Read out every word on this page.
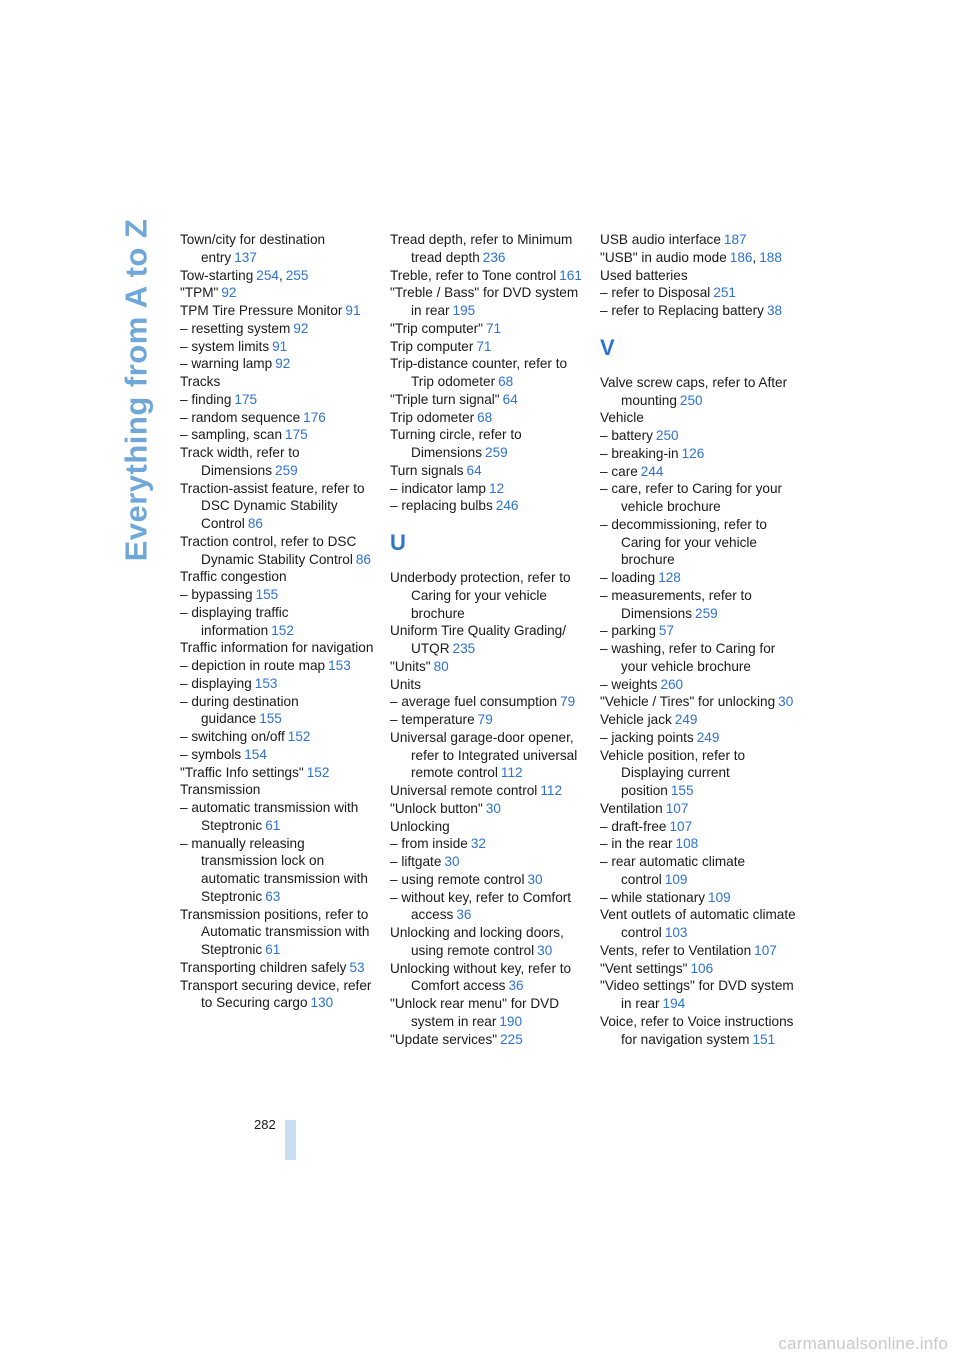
Everything from A to Z Town/city for destination entry 137
Tow-starting 254, 255
"TPM" 92
TPM Tire Pressure Monitor 91
– resetting system 92
– system limits 91
– warning lamp 92
Tracks
– finding 175
– random sequence 176
– sampling, scan 175
Track width, refer to Dimensions 259
Traction-assist feature, refer to DSC Dynamic Stability Control 86
Traction control, refer to DSC Dynamic Stability Control 86
Traffic congestion
– bypassing 155
– displaying traffic information 152
Traffic information for navigation
– depiction in route map 153
– displaying 153
– during destination guidance 155
– switching on/off 152
– symbols 154
"Traffic Info settings" 152
Transmission
– automatic transmission with Steptronic 61
– manually releasing transmission lock on automatic transmission with Steptronic 63
Transmission positions, refer to Automatic transmission with Steptronic 61
Transporting children safely 53
Transport securing device, refer to Securing cargo 130
Tread depth, refer to Minimum tread depth 236
Treble, refer to Tone control 161
"Treble / Bass" for DVD system in rear 195
"Trip computer" 71
Trip computer 71
Trip-distance counter, refer to Trip odometer 68
"Triple turn signal" 64
Trip odometer 68
Turning circle, refer to Dimensions 259
Turn signals 64
– indicator lamp 12
– replacing bulbs 246
U
Underbody protection, refer to Caring for your vehicle brochure
Uniform Tire Quality Grading/ UTQR 235
"Units" 80
Units
– average fuel consumption 79
– temperature 79
Universal garage-door opener, refer to Integrated universal remote control 112
Universal remote control 112
"Unlock button" 30
Unlocking
– from inside 32
– liftgate 30
– using remote control 30
– without key, refer to Comfort access 36
Unlocking and locking doors, using remote control 30
Unlocking without key, refer to Comfort access 36
"Unlock rear menu" for DVD system in rear 190
"Update services" 225
USB audio interface 187
"USB" in audio mode 186, 188
Used batteries
– refer to Disposal 251
– refer to Replacing battery 38
V
Valve screw caps, refer to After mounting 250
Vehicle
– battery 250
– breaking-in 126
– care 244
– care, refer to Caring for your vehicle brochure
– decommissioning, refer to Caring for your vehicle brochure
– loading 128
– measurements, refer to Dimensions 259
– parking 57
– washing, refer to Caring for your vehicle brochure
– weights 260
"Vehicle / Tires" for unlocking 30
Vehicle jack 249
– jacking points 249
Vehicle position, refer to Displaying current position 155
Ventilation 107
– draft-free 107
– in the rear 108
– rear automatic climate control 109
– while stationary 109
Vent outlets of automatic climate control 103
Vents, refer to Ventilation 107
"Vent settings" 106
"Video settings" for DVD system in rear 194
Voice, refer to Voice instructions for navigation system 151
282
carmanualsonline.info
